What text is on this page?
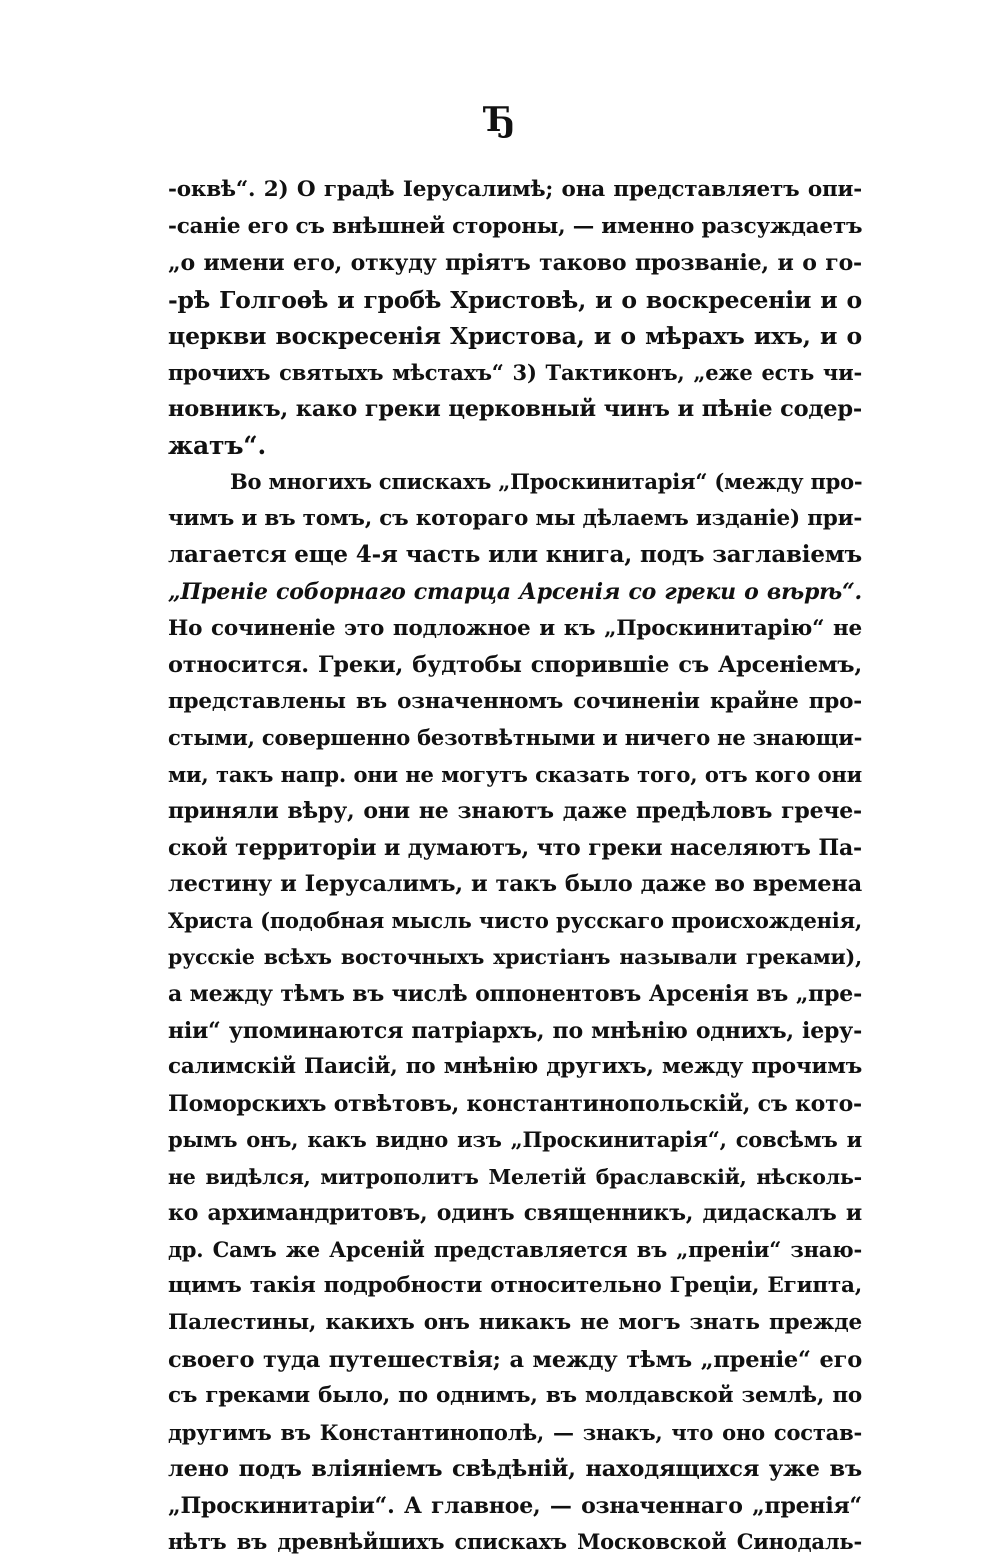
Ђ
-оквѣ“. 2) О градѣ Іерусалимѣ; она представляетъ опи-
-саніе его съ внѣшней стороны, — именно разсуждаетъ
„о имени его, откуду пріятъ таково прозваніе, и о го-
-рѣ Голгоѳѣ и гробѣ Христовѣ, и о воскресеніи и о
церкви воскресенія Христова, и о мѣрахъ ихъ, и о
прочихъ святыхъ мѣстахъ“ 3) Тактиконъ, „еже есть чи-
новникъ, како греки церковный чинъ и пѣніе содер-
жатъ“.
Во многихъ спискахъ „Проскинитарія“ (между про-
чимъ и въ томъ, съ котораго мы дѣлаемъ изданіе) при-
лагается еще 4-я часть или книга, подъ заглавіемъ
„Преніе соборнаго старца Арсенія со греки о вѣрѣ“.
Но сочиненіе это подложное и къ „Проскинитарію“ не
относится. Греки, будтобы спорившіе съ Арсеніемъ,
представлены въ означенномъ сочиненіи крайне про-
стыми, совершенно безотвѣтными и ничего не знающи-
ми, такъ напр. они не могутъ сказать того, отъ кого они
приняли вѣру, они не знаютъ даже предѣловъ грече-
ской территоріи и думаютъ, что греки населяютъ Па-
лестину и Іерусалимъ, и такъ было даже во времена
Христа (подобная мысль чисто русскаго происхожденія,
русскіе всѣхъ восточныхъ христіанъ называли греками),
а между тѣмъ въ числѣ оппонентовъ Арсенія въ „пре-
ніи“ упоминаются патріархъ, по мнѣнію однихъ, іеру-
салимскій Паисій, по мнѣнію другихъ, между прочимъ
Поморскихъ отвѣтовъ, константинопольскій, съ кото-
рымъ онъ, какъ видно изъ „Проскинитарія“, совсѣмъ и
не видѣлся, митрополитъ Мелетій браславскій, нѣсколь-
ко архимандритовъ, одинъ священникъ, дидаскалъ и
др. Самъ же Арсеній представляется въ „преніи“ знаю-
щимъ такія подробности относительно Греціи, Египта,
Палестины, какихъ онъ никакъ не могъ знать прежде
своего туда путешествія; а между тѣмъ „преніе“ его
съ греками было, по однимъ, въ молдавской землѣ, по
другимъ въ Константинополѣ, — знакъ, что оно состав-
лено подъ вліяніемъ свѣдѣній, находящихся уже въ
„Проскинитаріи“. А главное, — означеннаго „пренія“
нѣтъ въ древнѣйшихъ спискахъ Московской Синодаль-
